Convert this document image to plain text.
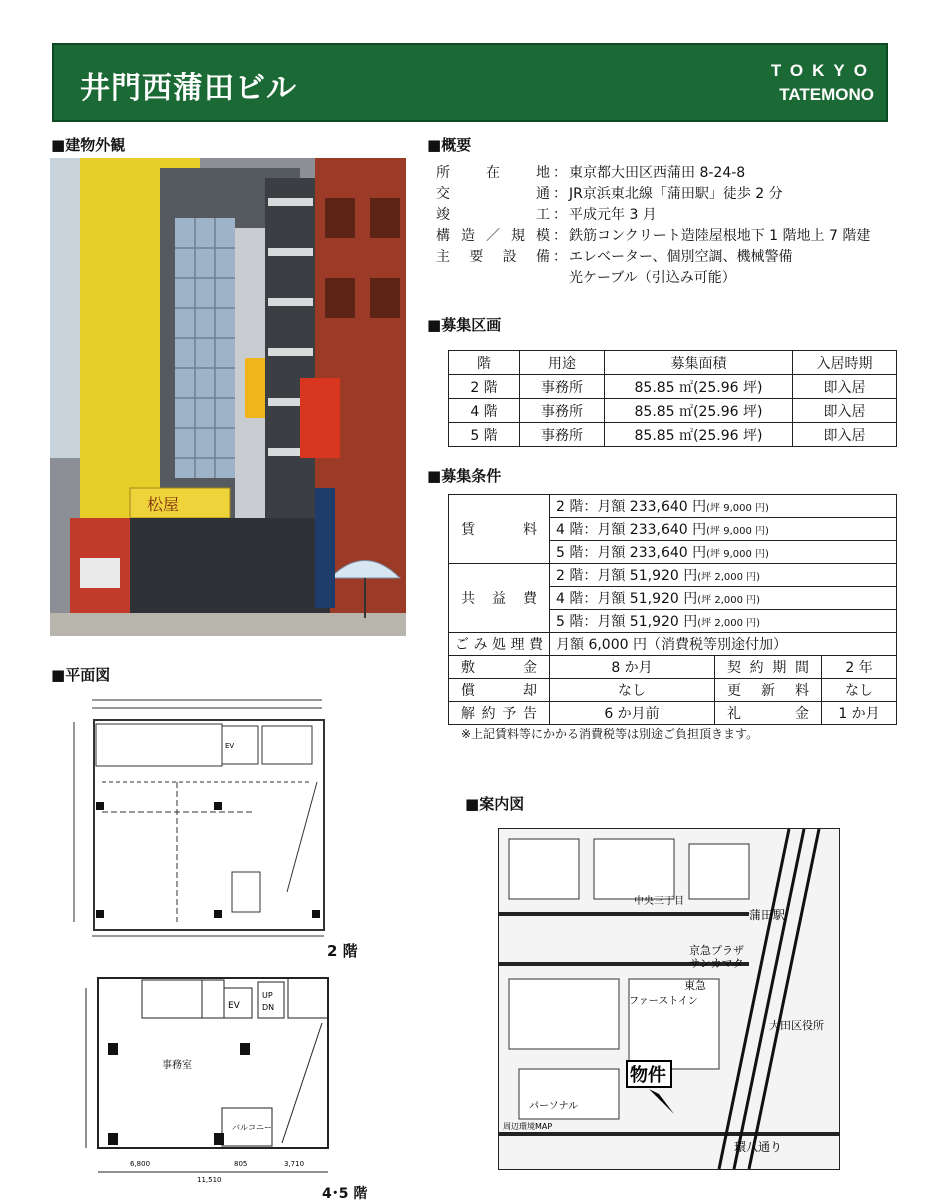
井門西蒲田ビル
TOKYO
TATEMONO
■ 建物外観	■ 概要
■ 募集区画
■ 募集条件
■ 平面図
■ 案内図
松屋
所在地 ： 東京都大田区西蒲田 8-24-8
交通 ： JR京浜東北線「蒲田駅」徒歩 2 分
竣工 ： 平成元年 3 月
構造／規模 ： 鉄筋コンクリート造陸屋根地下 1 階地上 7 階建
主要設備 ： エレベーター、個別空調、機械警備
光ケーブル（引込み可能）
階	用途	募集面積	入居時期
2 階	事務所	85.85 ㎡(25.96 坪)	即入居
4 階	事務所	85.85 ㎡(25.96 坪)	即入居
5 階	事務所	85.85 ㎡(25.96 坪)	即入居
賃料	2 階：月額 233,640 円(坪 9,000 円)		
	4 階：月額 233,640 円(坪 9,000 円)		
	5 階：月額 233,640 円(坪 9,000 円)		
共益費	2 階：月額 51,920 円(坪 2,000 円)		
	4 階：月額 51,920 円(坪 2,000 円)		
	5 階：月額 51,920 円(坪 2,000 円)		
ごみ処理費	月額 6,000 円（消費税等別途付加）		
敷金	8 か月	契約期間	2 年
償却	なし	更新料	なし
解約予告	6 か月前	礼金	1 か月
※上記賃料等にかかる消費税等は別途ご負担頂きます。
EV
2 階
EV
UP
DN
事務室
バルコニー
6,800	805	3,710
11,510
4･5 階
蒲田駅
京急プラザ
サンカマタ
東急
ファーストイン
中央三丁目
パーソナル
大田区役所
物件
環八通り
周辺環境MAP
